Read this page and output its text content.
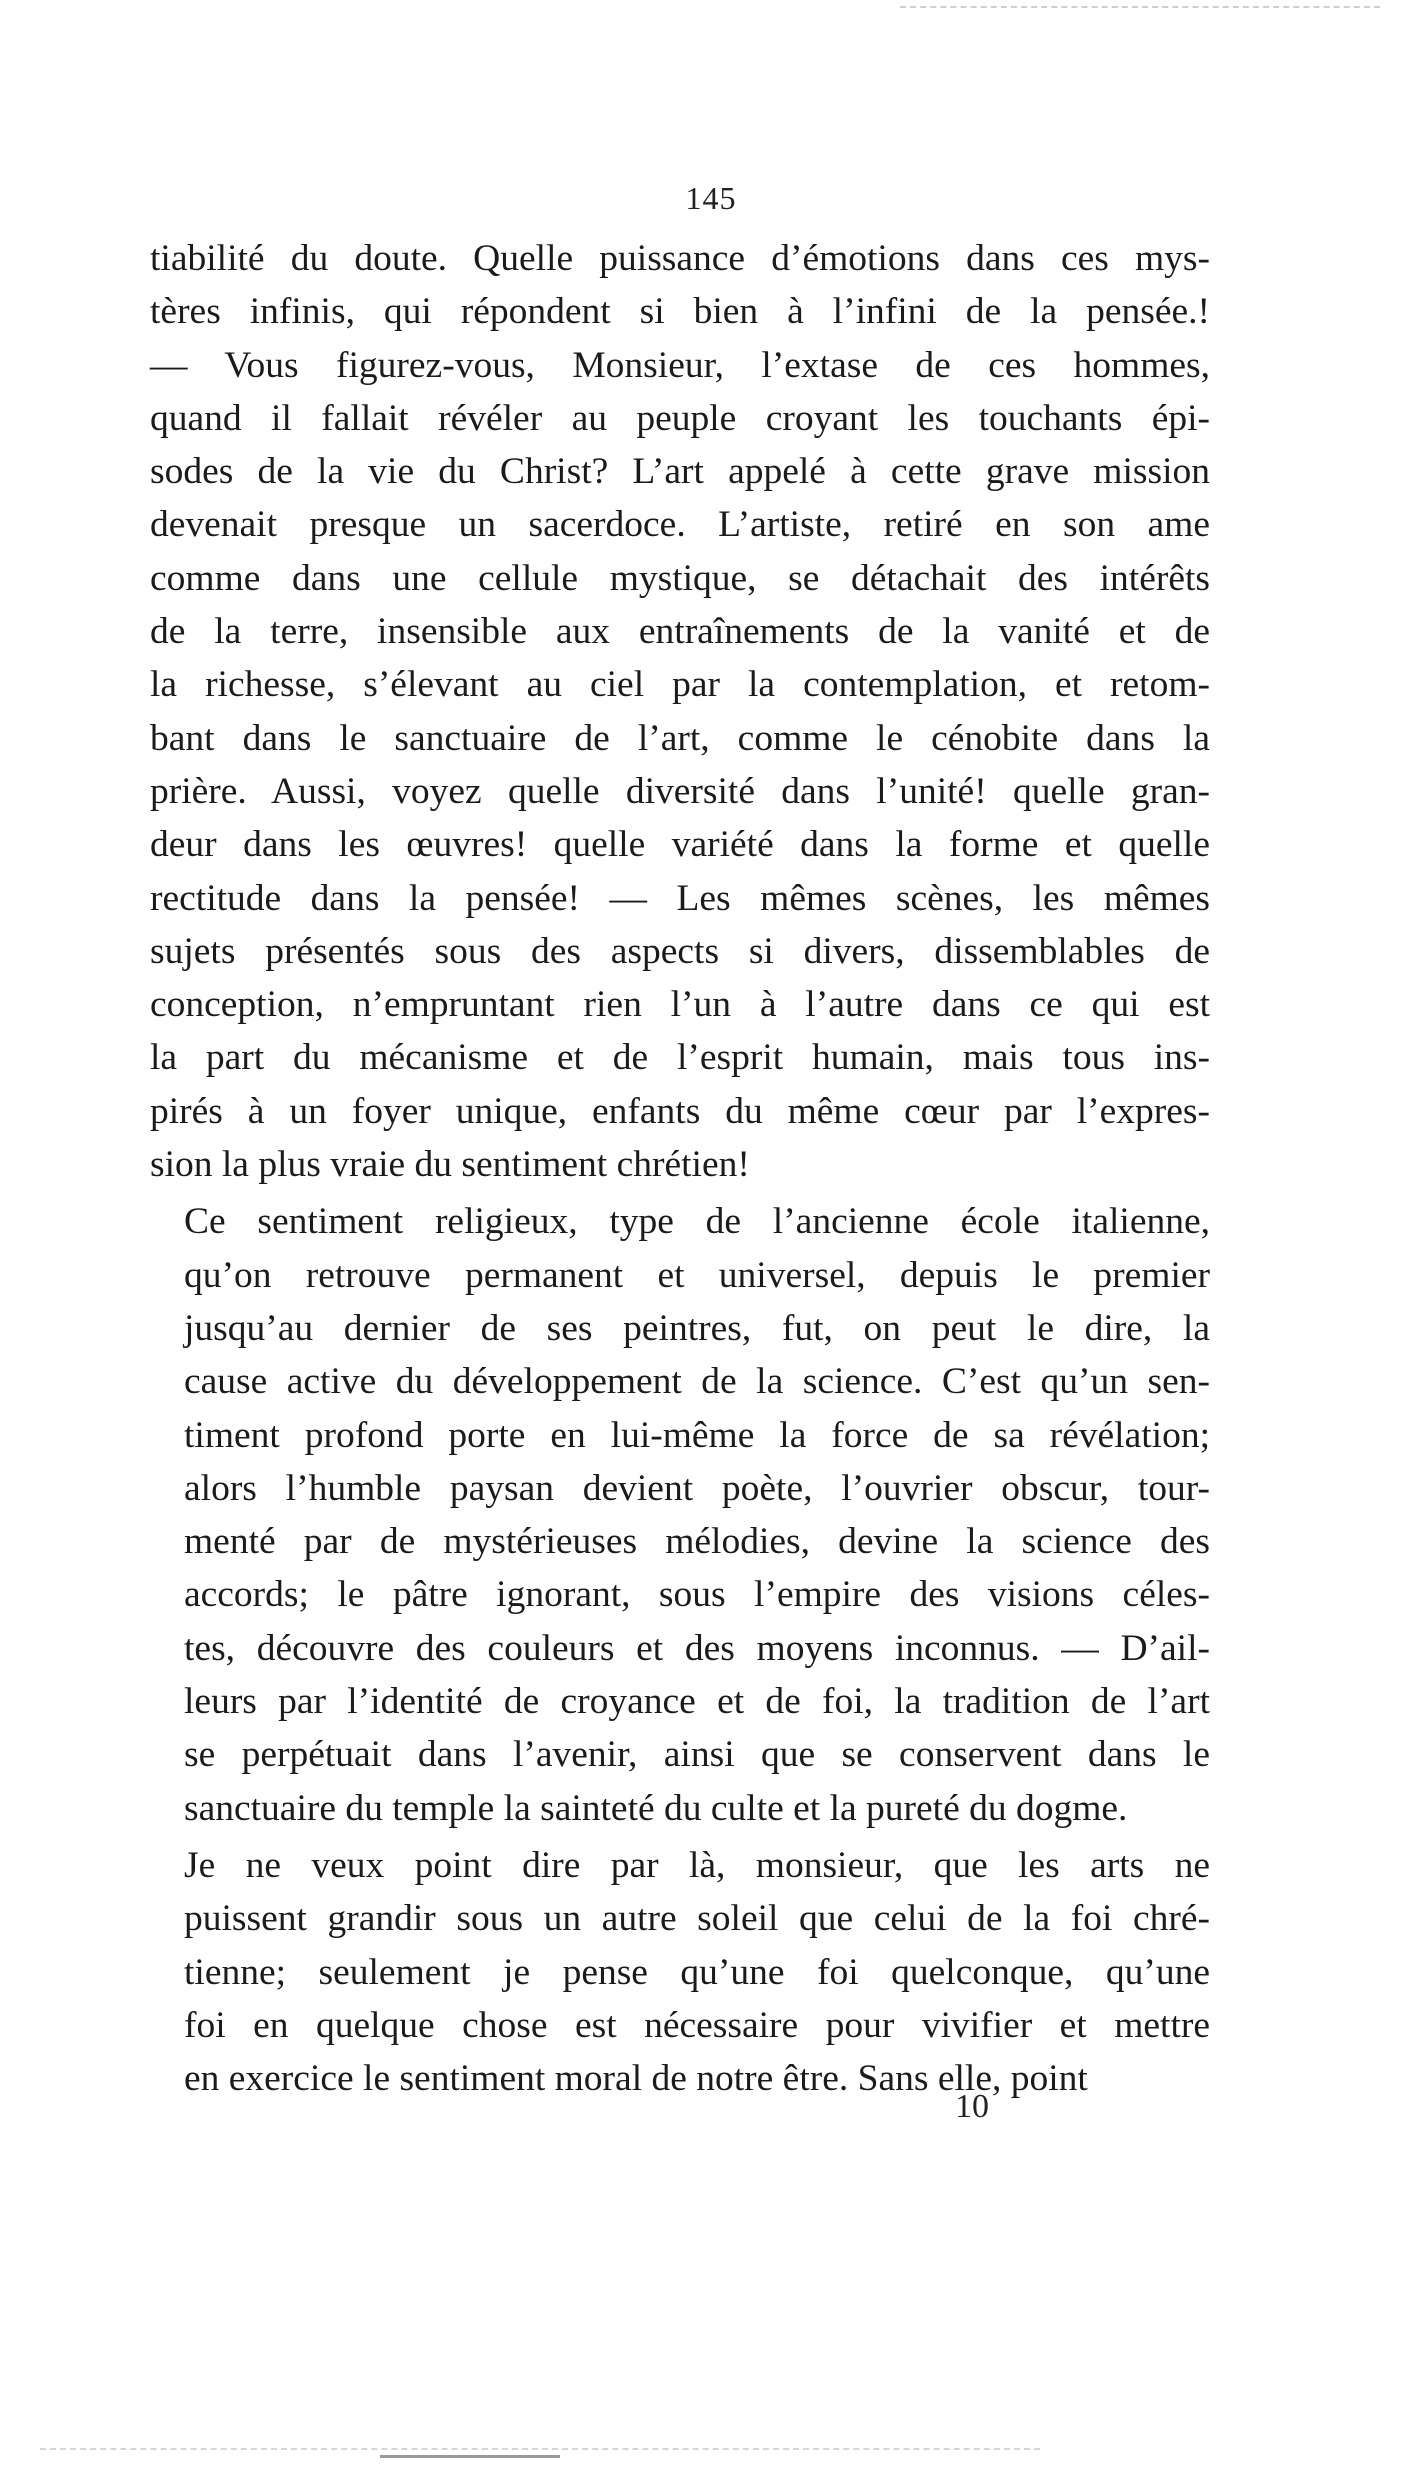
145

tiabilité du doute. Quelle puissance d’émotions dans ces mys-
tères infinis, qui répondent si bien à l’infini de la pensée.!
— Vous figurez-vous, Monsieur, l’extase de ces hommes,
quand il fallait révéler au peuple croyant les touchants épi-
sodes de la vie du Christ? L’art appelé à cette grave mission
devenait presque un sacerdoce. L’artiste, retiré en son ame
comme dans une cellule mystique, se détachait des intérêts
de la terre, insensible aux entraînements de la vanité et de
la richesse, s’élevant au ciel par la contemplation, et retom-
bant dans le sanctuaire de l’art, comme le cénobite dans la
prière. Aussi, voyez quelle diversité dans l’unité! quelle gran-
deur dans les œuvres! quelle variété dans la forme et quelle
rectitude dans la pensée! — Les mêmes scènes, les mêmes
sujets présentés sous des aspects si divers, dissemblables de
conception, n’empruntant rien l’un à l’autre dans ce qui est
la part du mécanisme et de l’esprit humain, mais tous ins-
pirés à un foyer unique, enfants du même cœur par l’expres-
sion la plus vraie du sentiment chrétien!

Ce sentiment religieux, type de l’ancienne école italienne,
qu’on retrouve permanent et universel, depuis le premier
jusqu’au dernier de ses peintres, fut, on peut le dire, la
cause active du développement de la science. C’est qu’un sen-
timent profond porte en lui-même la force de sa révélation;
alors l’humble paysan devient poète, l’ouvrier obscur, tour-
menté par de mystérieuses mélodies, devine la science des
accords; le pâtre ignorant, sous l’empire des visions céles-
tes, découvre des couleurs et des moyens inconnus. — D’ail-
leurs par l’identité de croyance et de foi, la tradition de l’art
se perpétuait dans l’avenir, ainsi que se conservent dans le
sanctuaire du temple la sainteté du culte et la pureté du dogme.

Je ne veux point dire par là, monsieur, que les arts ne
puissent grandir sous un autre soleil que celui de la foi chré-
tienne; seulement je pense qu’une foi quelconque, qu’une
foi en quelque chose est nécessaire pour vivifier et mettre
en exercice le sentiment moral de notre être. Sans elle, point

10
